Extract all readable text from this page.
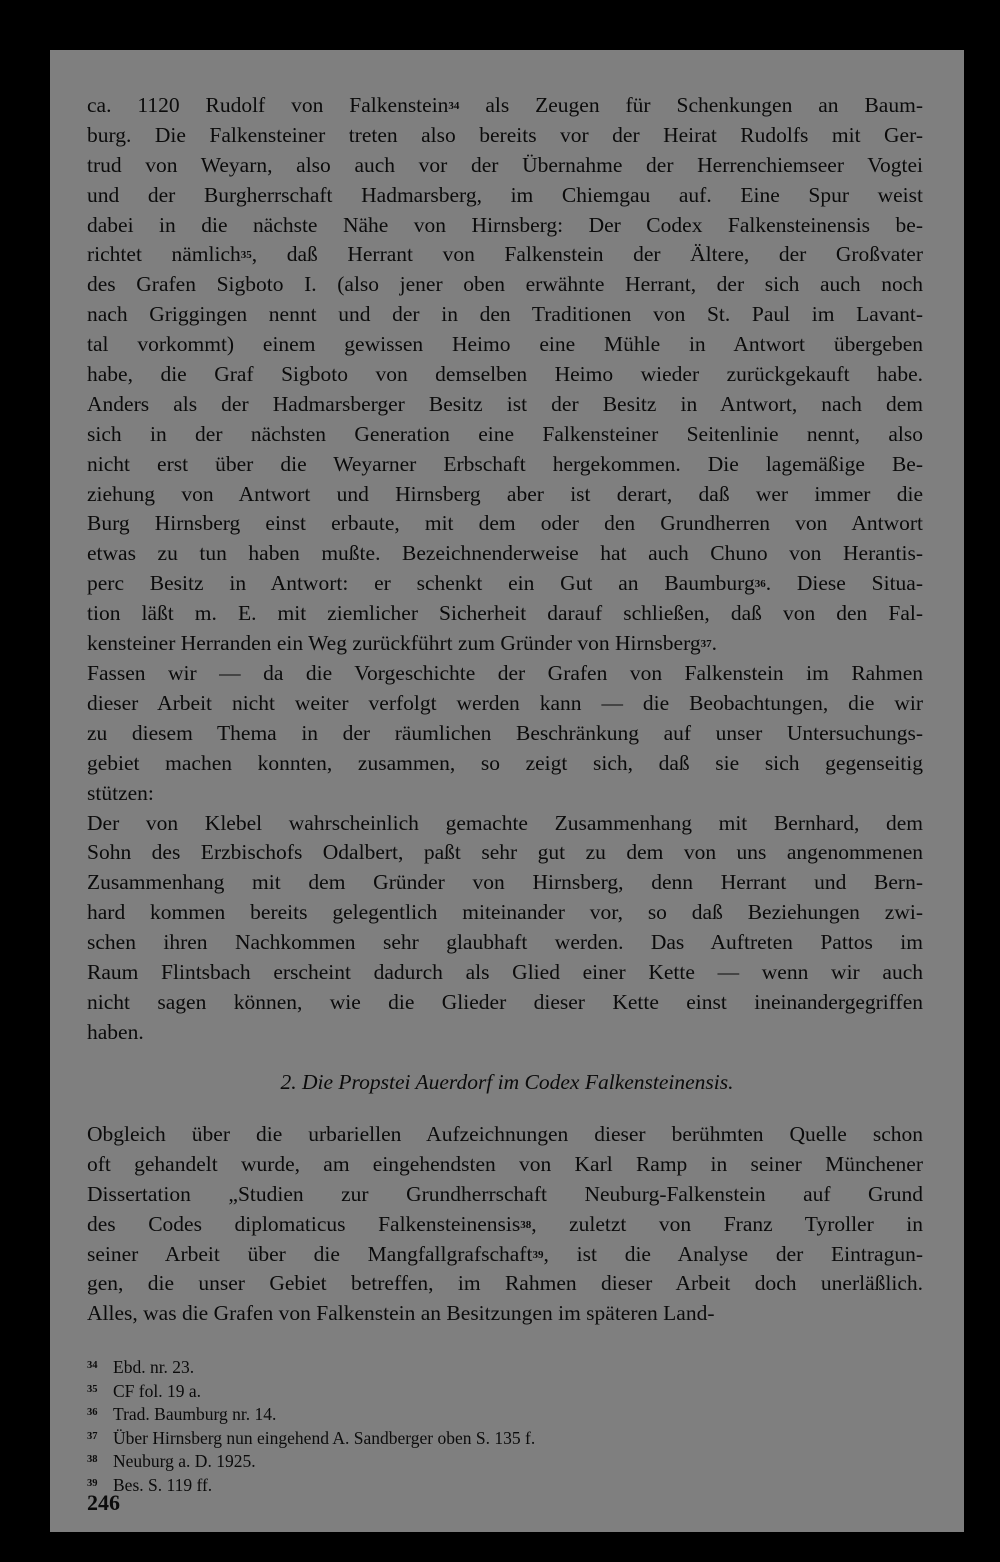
ca. 1120 Rudolf von Falkenstein$^{34}$ als Zeugen für Schenkungen an Baum-
burg. Die Falkensteiner treten also bereits vor der Heirat Rudolfs mit Ger-
trud von Weyarn, also auch vor der Übernahme der Herrenchiemseer Vogtei
und der Burgherrschaft Hadmarsberg, im Chiemgau auf. Eine Spur weist
dabei in die nächste Nähe von Hirnsberg: Der Codex Falkensteinensis be-
richtet nämlich$^{35}$, daß Herrant von Falkenstein der Ältere, der Großvater
des Grafen Sigboto I. (also jener oben erwähnte Herrant, der sich auch noch
nach Griggingen nennt und der in den Traditionen von St. Paul im Lavant-
tal vorkommt) einem gewissen Heimo eine Mühle in Antwort übergeben
habe, die Graf Sigboto von demselben Heimo wieder zurückgekauft habe.
Anders als der Hadmarsberger Besitz ist der Besitz in Antwort, nach dem
sich in der nächsten Generation eine Falkensteiner Seitenlinie nennt, also
nicht erst über die Weyarner Erbschaft hergekommen. Die lagemäßige Be-
ziehung von Antwort und Hirnsberg aber ist derart, daß wer immer die
Burg Hirnsberg einst erbaute, mit dem oder den Grundherren von Antwort
etwas zu tun haben mußte. Bezeichnenderweise hat auch Chuno von Herantis-
perc Besitz in Antwort: er schenkt ein Gut an Baumburg$^{36}$. Diese Situa-
tion läßt m. E. mit ziemlicher Sicherheit darauf schließen, daß von den Fal-
kensteiner Herranden ein Weg zurückführt zum Gründer von Hirnsberg$^{37}$.
Fassen wir — da die Vorgeschichte der Grafen von Falkenstein im Rahmen
dieser Arbeit nicht weiter verfolgt werden kann — die Beobachtungen, die wir
zu diesem Thema in der räumlichen Beschränkung auf unser Untersuchungs-
gebiet machen konnten, zusammen, so zeigt sich, daß sie sich gegenseitig
stützen:
Der von Klebel wahrscheinlich gemachte Zusammenhang mit Bernhard, dem
Sohn des Erzbischofs Odalbert, paßt sehr gut zu dem von uns angenommenen
Zusammenhang mit dem Gründer von Hirnsberg, denn Herrant und Bern-
hard kommen bereits gelegentlich miteinander vor, so daß Beziehungen zwi-
schen ihren Nachkommen sehr glaubhaft werden. Das Auftreten Pattos im
Raum Flintsbach erscheint dadurch als Glied einer Kette — wenn wir auch
nicht sagen können, wie die Glieder dieser Kette einst ineinandergegriffen
haben.
2. Die Propstei Auerdorf im Codex Falkensteinensis.
Obgleich über die urbariellen Aufzeichnungen dieser berühmten Quelle schon
oft gehandelt wurde, am eingehendsten von Karl Ramp in seiner Münchener
Dissertation „Studien zur Grundherrschaft Neuburg-Falkenstein auf Grund
des Codes diplomaticus Falkensteinensis$^{38}$, zuletzt von Franz Tyroller in
seiner Arbeit über die Mangfallgrafschaft$^{39}$, ist die Analyse der Eintragun-
gen, die unser Gebiet betreffen, im Rahmen dieser Arbeit doch unerläßlich.
Alles, was die Grafen von Falkenstein an Besitzungen im späteren Land-
34 Ebd. nr. 23.
35 CF fol. 19 a.
36 Trad. Baumburg nr. 14.
37 Über Hirnsberg nun eingehend A. Sandberger oben S. 135 f.
38 Neuburg a. D. 1925.
39 Bes. S. 119 ff.
246
